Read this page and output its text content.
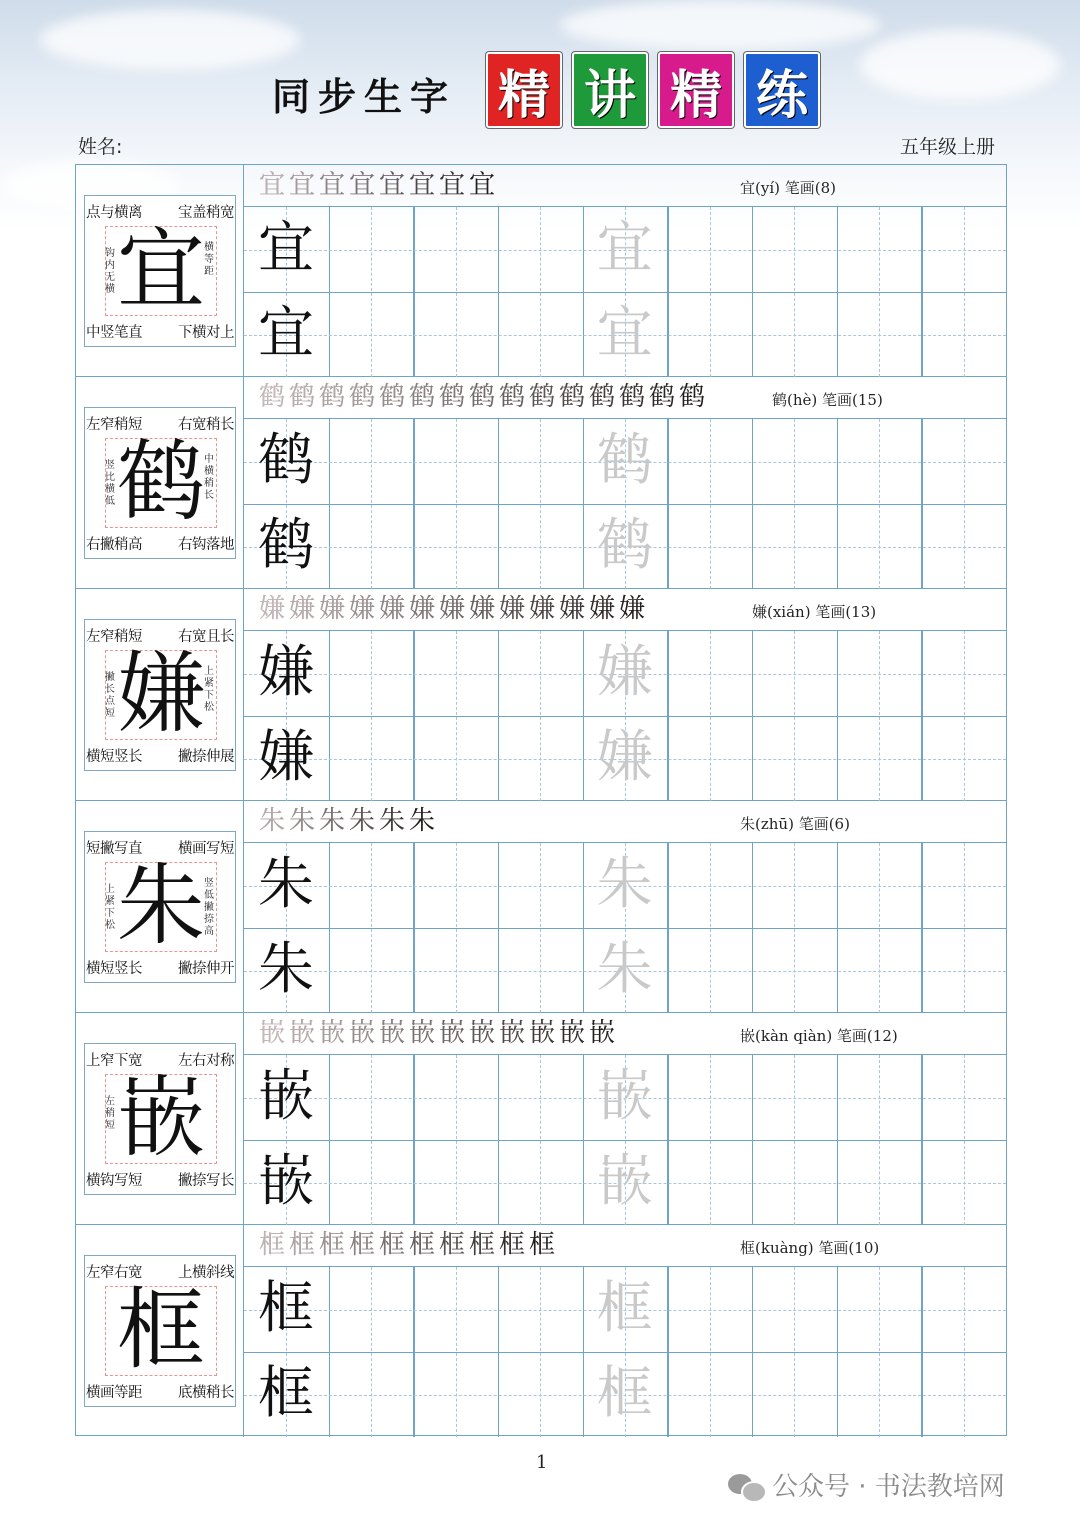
同步生字 精 讲 精 练
姓名:	五年级上册
点与横离 宝盖稍宽
中竖笔直 下横对上
宜
钩内无横
横等距
宜 宜 宜 宜 宜 宜 宜 宜	宜(yí) 笔画(8)
宜	宜
宜	宜
左窄稍短 右宽稍长
右撇稍高 右钩落地
鹤
竖比横低
中横稍长
鹤 鹤 鹤 鹤 鹤 鹤 鹤 鹤 鹤 鹤 鹤 鹤 鹤 鹤 鹤	鹤(hè) 笔画(15)
鹤	鹤
鹤	鹤
左窄稍短 右宽且长
横短竖长 撇捺伸展
嫌
撇长点短
上紧下松
嫌 嫌 嫌 嫌 嫌 嫌 嫌 嫌 嫌 嫌 嫌 嫌 嫌	嫌(xián) 笔画(13)
嫌	嫌
嫌	嫌
短撇写直 横画写短
横短竖长 撇捺伸开
朱
上紧下松
竖低撇捺高
朱 朱 朱 朱 朱 朱	朱(zhū) 笔画(6)
朱	朱
朱	朱
上窄下宽 左右对称
横钩写短 撇捺写长
嵌
左稍短
嵌 嵌 嵌 嵌 嵌 嵌 嵌 嵌 嵌 嵌 嵌 嵌	嵌(kàn qiàn) 笔画(12)
嵌	嵌
嵌	嵌
左窄右宽 上横斜线
横画等距 底横稍长
框
框 框 框 框 框 框 框 框 框 框	框(kuàng) 笔画(10)
框	框
框	框
1
公众号 · 书法教培网
